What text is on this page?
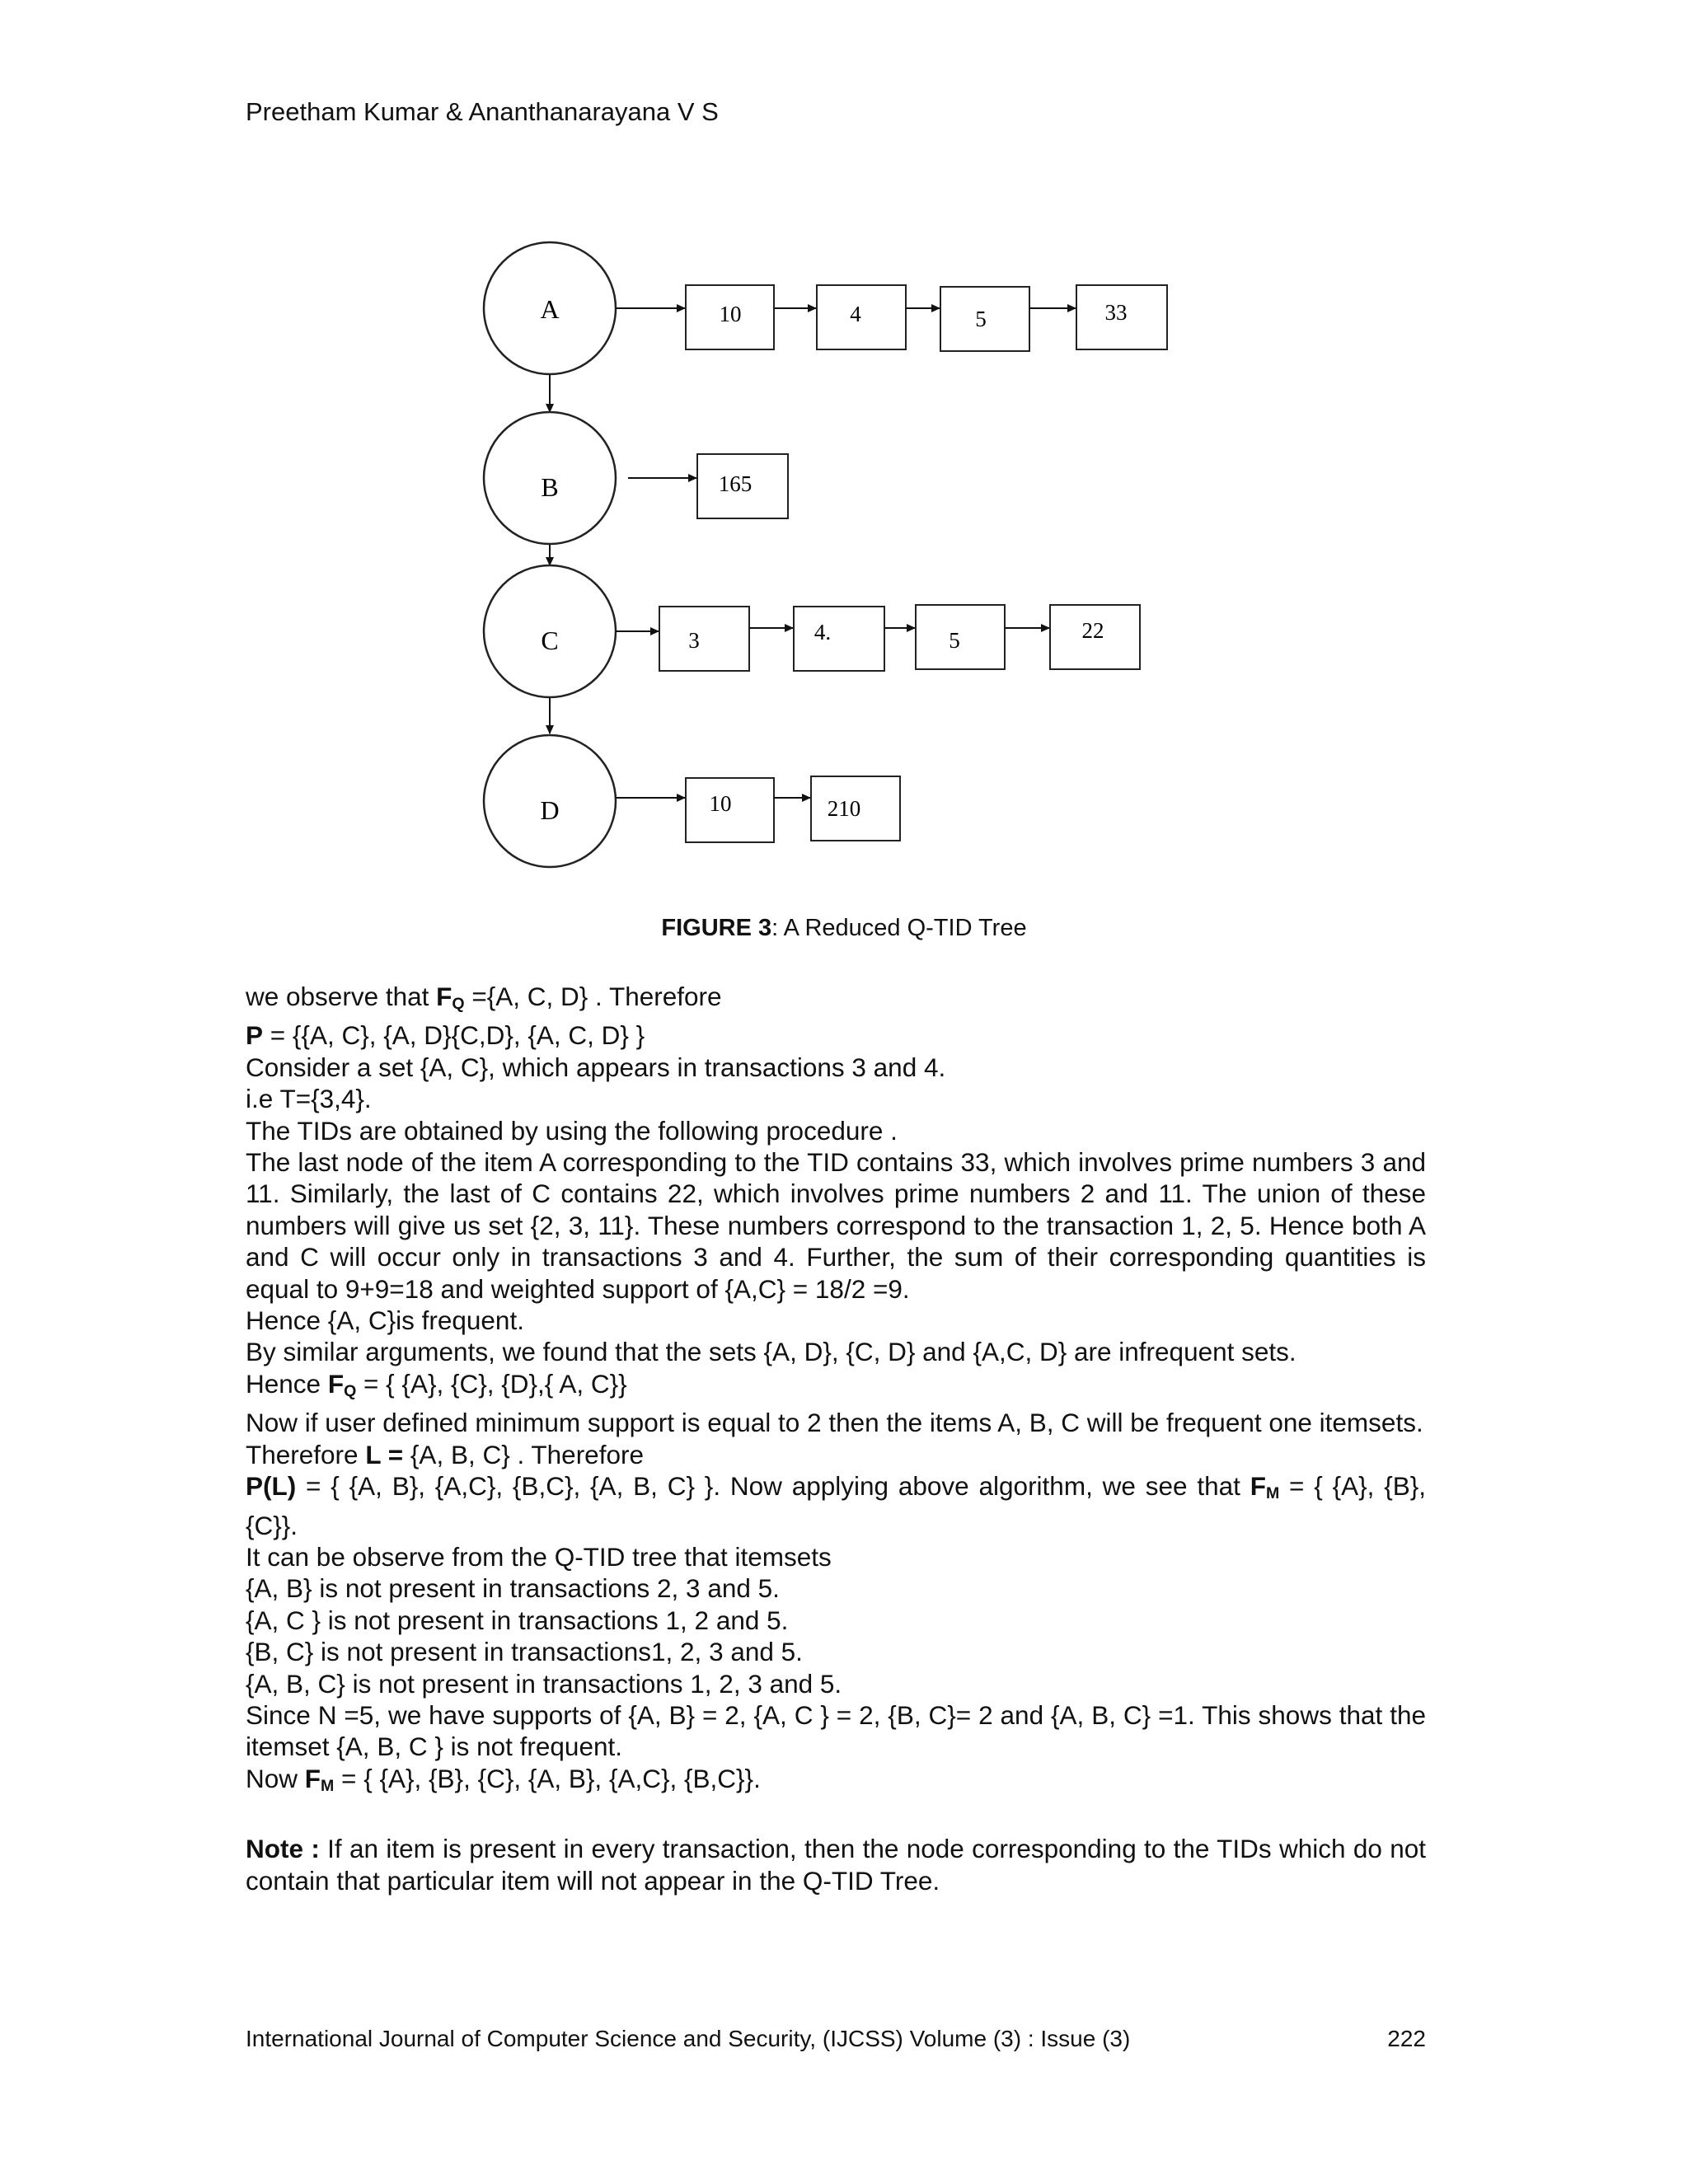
Preetham Kumar & Ananthanarayana V S
A	10	4	5	33
B	165
C	3	4.	5	22
D	10	210
FIGURE 3: A Reduced Q-TID Tree
we observe that $F_Q =\{A$, C, D} . Therefore
P = {{A, C}, {A, D}{C,D}, {A, C, D} }
Consider a set {A, C}, which appears in transactions 3 and 4.
i.e T={3,4}.
The TIDs are obtained by using the following procedure .
The last node of the item A corresponding to the TID contains 33, which involves prime numbers 3 and 11. Similarly, the last of C contains 22, which involves prime numbers 2 and 11. The union of these numbers will give us set {2, 3, 11}. These numbers correspond to the transaction 1, 2, 5. Hence both A and C will occur only in transactions 3 and 4. Further, the sum of their corresponding quantities is equal to 9+9=18 and weighted support of {A,C} = 18/2 =9.
Hence {A, C}is frequent.
By similar arguments, we found that the sets {A, D}, {C, D} and {A,C, D} are infrequent sets.
Hence $F_Q$ = { {A}, {C}, {D},{ A, C}}
Now if user defined minimum support is equal to 2 then the items A, B, C will be frequent one itemsets.
Therefore L = {A, B, C} . Therefore
P(L) = { {A, B}, {A,C}, {B,C}, {A, B, C} }. Now applying above algorithm, we see that $F_M$ = { {A}, {B}, {C}}.
It can be observe from the Q-TID tree that itemsets
{A, B} is not present in transactions 2, 3 and 5.
{A, C } is not present in transactions 1, 2 and 5.
{B, C} is not present in transactions1, 2, 3 and 5.
{A, B, C} is not present in transactions 1, 2, 3 and 5.
Since N =5, we have supports of {A, B} = 2, {A, C } = 2, {B, C}= 2 and {A, B, C} =1. This shows that the itemset {A, B, C } is not frequent.
Now $F_M$ = { {A}, {B}, {C}, {A, B}, {A,C}, {B,C}}.
Note : If an item is present in every transaction, then the node corresponding to the TIDs which do not contain that particular item will not appear in the Q-TID Tree.
International Journal of Computer Science and Security, (IJCSS) Volume (3) : Issue (3)	222
